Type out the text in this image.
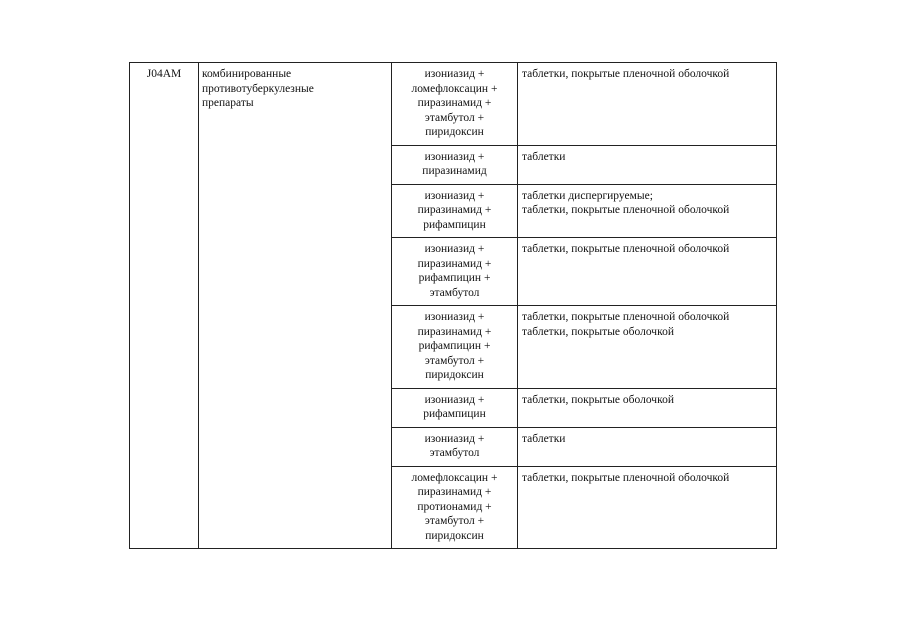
J04AM	комбинированные
противотуберкулезные
препараты	изониазид +
ломефлоксацин +
пиразинамид +
этамбутол +
пиридоксин	таблетки, покрытые пленочной оболочкой

		изониазид +
пиразинамид	таблетки

		изониазид +
пиразинамид +
рифампицин	таблетки диспергируемые;
таблетки, покрытые пленочной оболочкой

		изониазид +
пиразинамид +
рифампицин +
этамбутол	таблетки, покрытые пленочной оболочкой

		изониазид +
пиразинамид +
рифампицин +
этамбутол +
пиридоксин	таблетки, покрытые пленочной оболочкой
таблетки, покрытые оболочкой

		изониазид +
рифампицин	таблетки, покрытые оболочкой

		изониазид +
этамбутол	таблетки

		ломефлоксацин +
пиразинамид +
протионамид +
этамбутол +
пиридоксин	таблетки, покрытые пленочной оболочкой
